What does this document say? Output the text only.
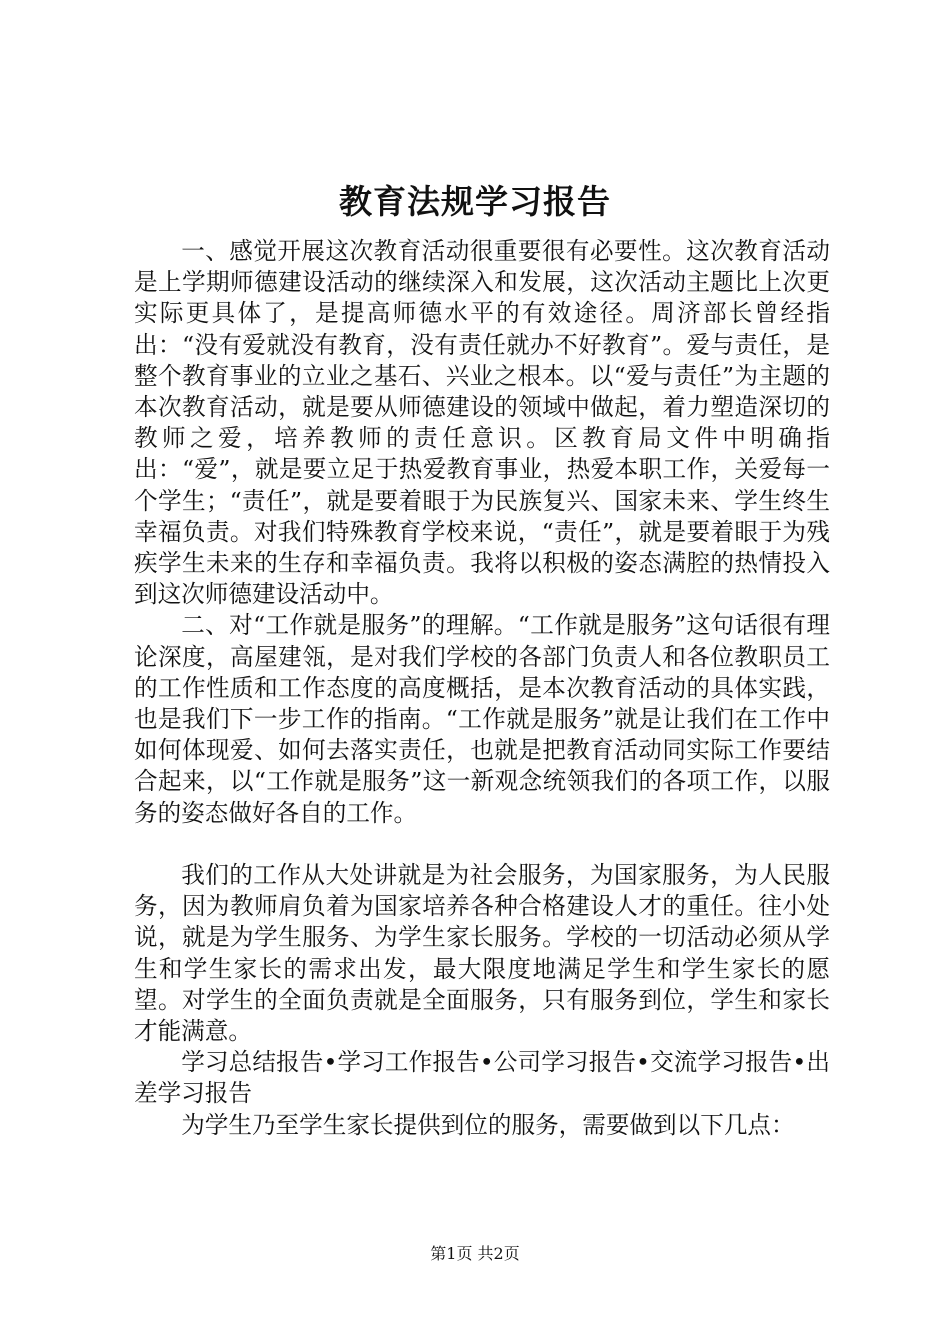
教育法规学习报告

一、感觉开展这次教育活动很重要很有必要性。这次教育活动是上学期师德建设活动的继续深入和发展，这次活动主题比上次更实际更具体了，是提高师德水平的有效途径。周济部长曾经指出：“没有爱就没有教育，没有责任就办不好教育”。爱与责任，是整个教育事业的立业之基石、兴业之根本。以“爱与责任”为主题的本次教育活动，就是要从师德建设的领域中做起，着力塑造深切的教师之爱，培养教师的责任意识。区教育局文件中明确指出：“爱”，就是要立足于热爱教育事业，热爱本职工作，关爱每一个学生；“责任”，就是要着眼于为民族复兴、国家未来、学生终生幸福负责。对我们特殊教育学校来说，“责任”，就是要着眼于为残疾学生未来的生存和幸福负责。我将以积极的姿态满腔的热情投入到这次师德建设活动中。

二、对“工作就是服务”的理解。“工作就是服务”这句话很有理论深度，高屋建瓴，是对我们学校的各部门负责人和各位教职员工的工作性质和工作态度的高度概括，是本次教育活动的具体实践，也是我们下一步工作的指南。“工作就是服务”就是让我们在工作中如何体现爱、如何去落实责任，也就是把教育活动同实际工作要结合起来，以“工作就是服务”这一新观念统领我们的各项工作，以服务的姿态做好各自的工作。

我们的工作从大处讲就是为社会服务，为国家服务，为人民服务，因为教师肩负着为国家培养各种合格建设人才的重任。往小处说，就是为学生服务、为学生家长服务。学校的一切活动必须从学生和学生家长的需求出发，最大限度地满足学生和学生家长的愿望。对学生的全面负责就是全面服务，只有服务到位，学生和家长才能满意。

学习总结报告•学习工作报告•公司学习报告•交流学习报告•出差学习报告

为学生乃至学生家长提供到位的服务，需要做到以下几点：

第1页 共2页
